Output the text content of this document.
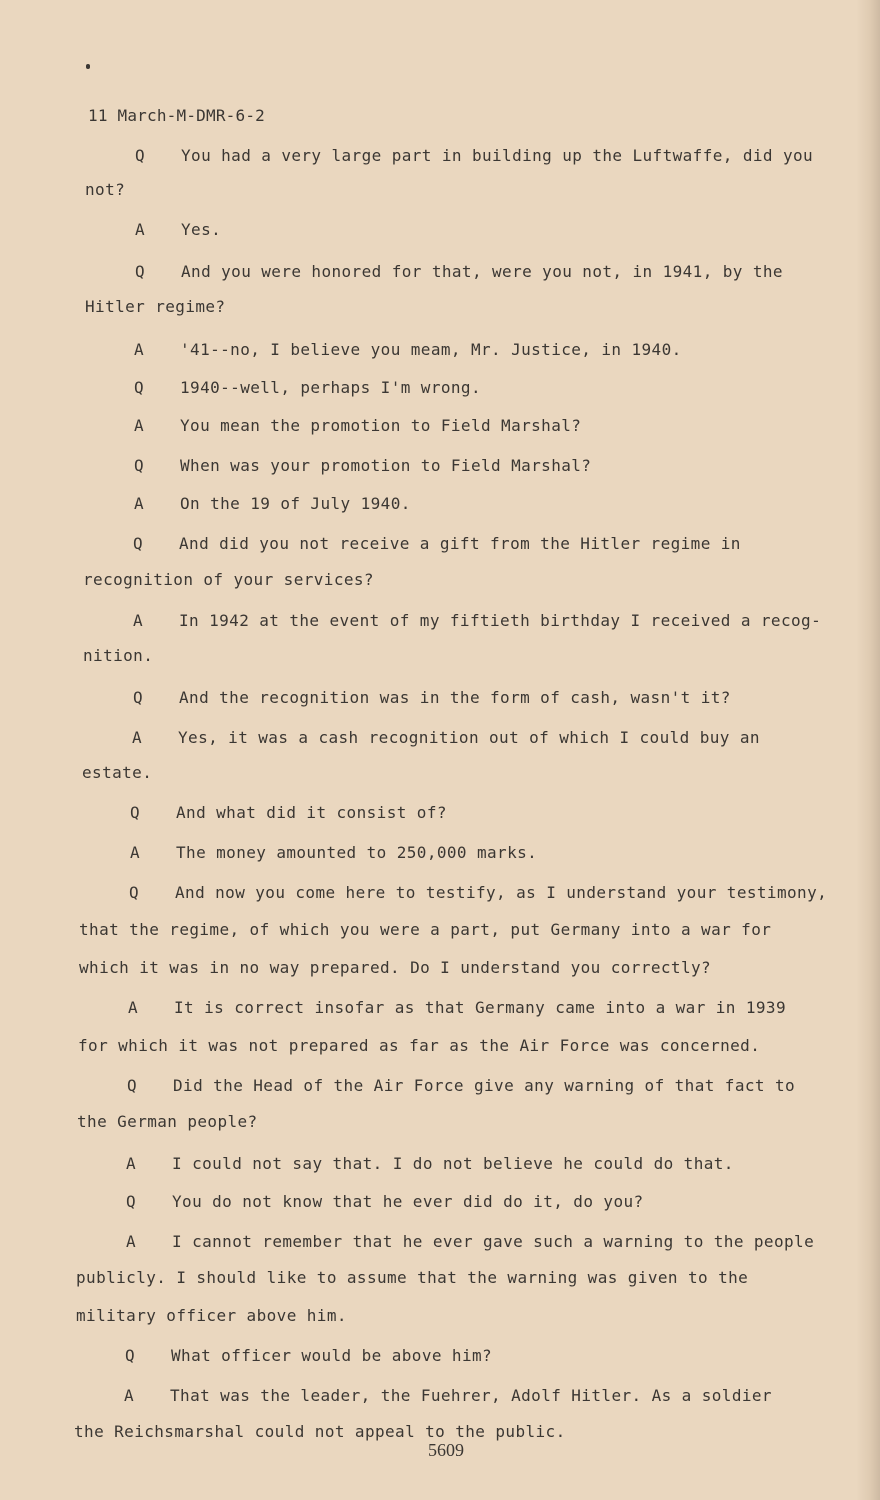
11 March-M-DMR-6-2
Q	You had a very large part in building up the Luftwaffe, did you
not?
A	Yes.
Q	And you were honored for that, were you not, in 1941, by the
Hitler regime?
A	'41--no, I believe you meam, Mr. Justice, in 1940.
Q	1940--well, perhaps I'm wrong.
A	You mean the promotion to Field Marshal?
Q	When was your promotion to Field Marshal?
A	On the 19 of July 1940.
Q	And did you not receive a gift from the Hitler regime in
recognition of your services?
A	In 1942 at the event of my fiftieth birthday I received a recog-
nition.
Q	And the recognition was in the form of cash, wasn't it?
A	Yes, it was a cash recognition out of which I could buy an
estate.
Q	And what did it consist of?
A	The money amounted to 250,000 marks.
Q	And now you come here to testify, as I understand your testimony,
that the regime, of which you were a part, put Germany into a war for
which it was in no way prepared. Do I understand you correctly?
A	It is correct insofar as that Germany came into a war in 1939
for which it was not prepared as far as the Air Force was concerned.
Q	Did the Head of the Air Force give any warning of that fact to
the German people?
A	I could not say that. I do not believe he could do that.
Q	You do not know that he ever did do it, do you?
A	I cannot remember that he ever gave such a warning to the people
publicly. I should like to assume that the warning was given to the
military officer above him.
Q	What officer would be above him?
A	That was the leader, the Fuehrer, Adolf Hitler. As a soldier
the Reichsmarshal could not appeal to the public.
5609
